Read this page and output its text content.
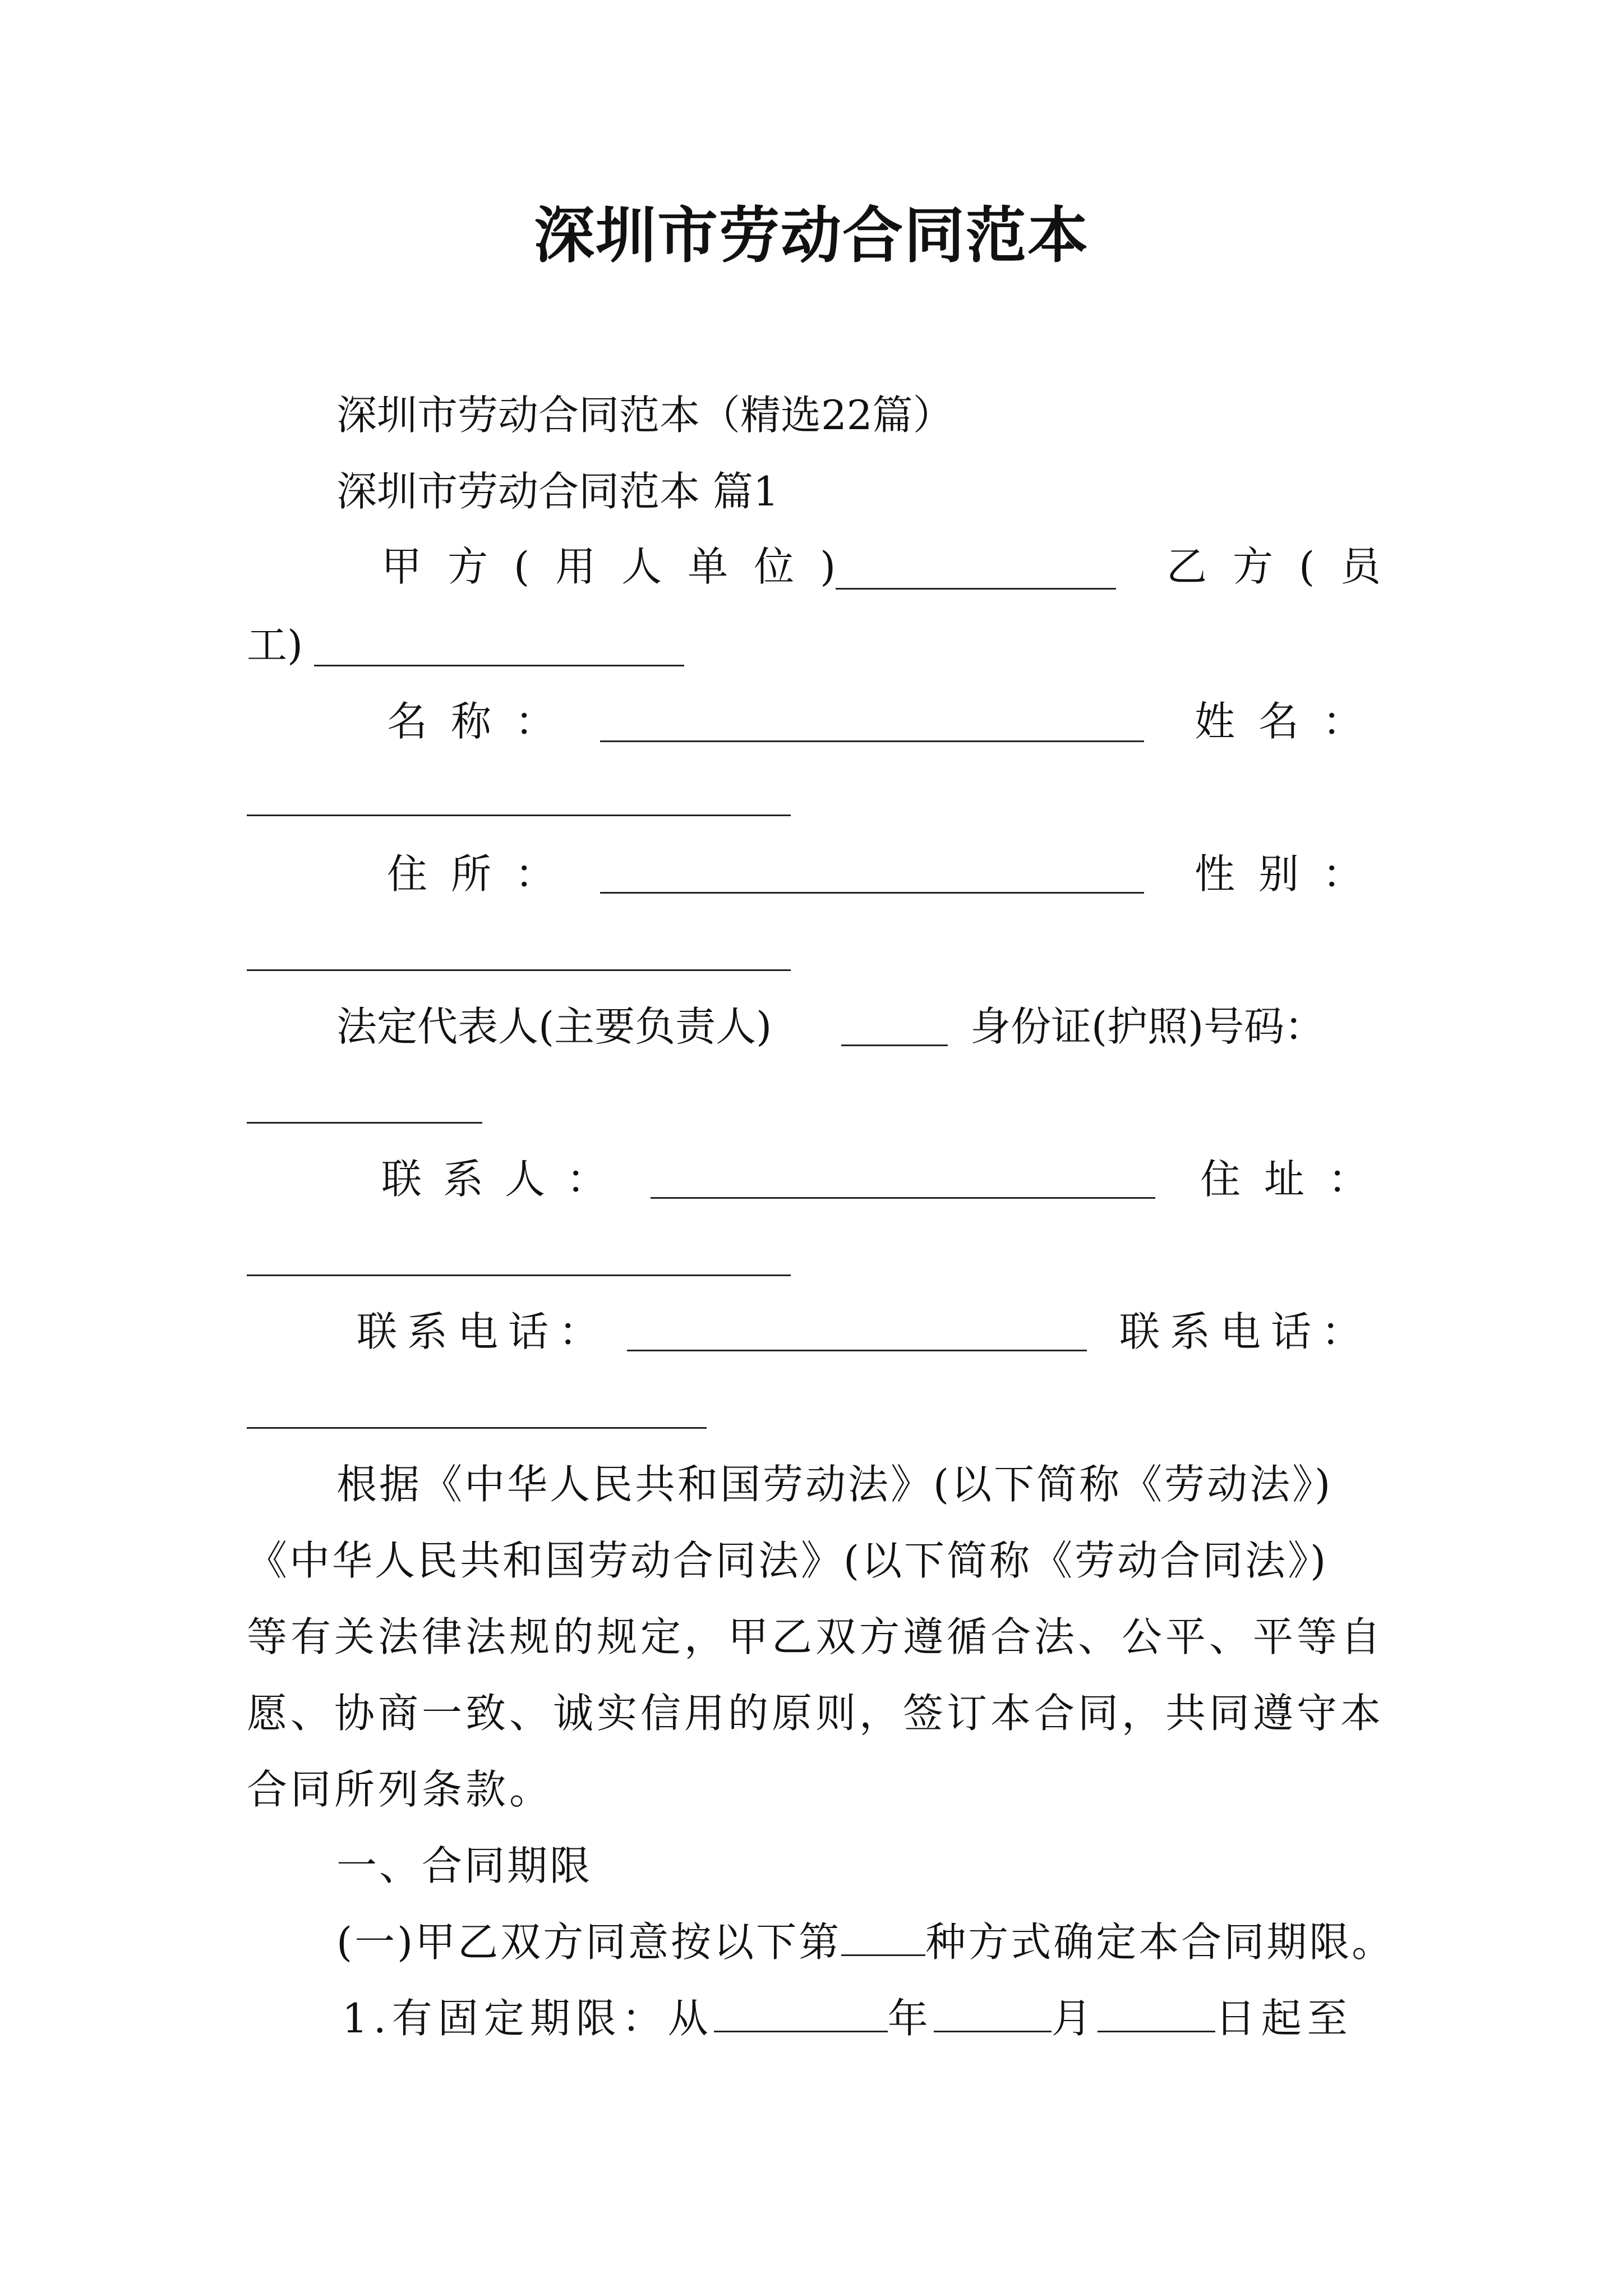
深圳市劳动合同范本
深圳市劳动合同范本（精选22篇）
深圳市劳动合同范本 篇1
甲方(用人单位)	乙方(员
工)
名称：	姓名：
住所：	性别：
法定代表人(主要负责人)	身份证(护照)号码：
联系人：	住址：
联系电话：	联系电话：
根据《中华人民共和国劳动法》(以下简称《劳动法》)
《中华人民共和国劳动合同法》(以下简称《劳动合同法》)
等有关法律法规的规定，甲乙双方遵循合法、公平、平等自
愿、协商一致、诚实信用的原则，签订本合同，共同遵守本
合同所列条款。
一、合同期限
(一)甲乙双方同意按以下第 种方式确定本合同期限。
1.有固定期限：从	年	月	日起至
